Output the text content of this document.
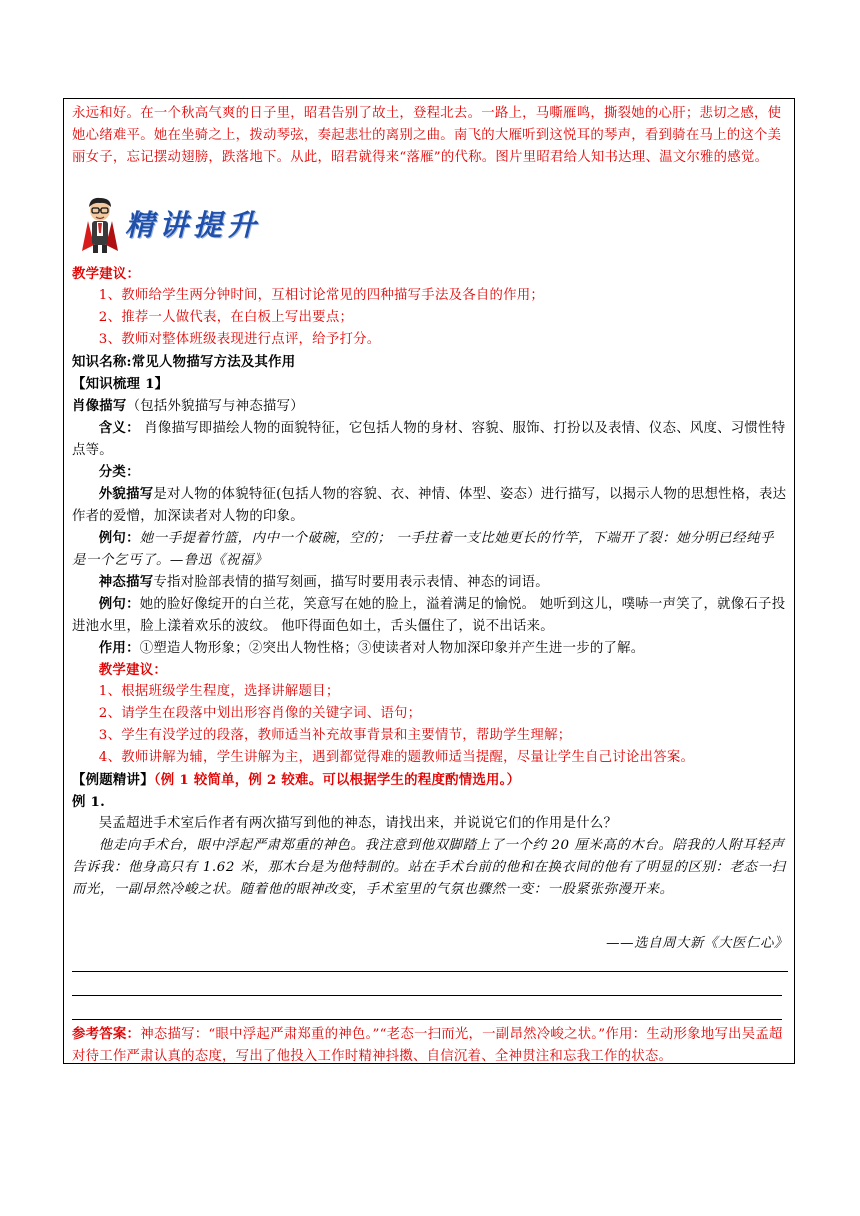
永远和好。在一个秋高气爽的日子里，昭君告别了故土，登程北去。一路上，马嘶雁鸣，撕裂她的心肝；悲切之感，使她心绪难平。她在坐骑之上，拨动琴弦，奏起悲壮的离别之曲。南飞的大雁听到这悦耳的琴声，看到骑在马上的这个美丽女子，忘记摆动翅膀，跌落地下。从此，昭君就得来“落雁”的代称。图片里昭君给人知书达理、温文尔雅的感觉。

精讲提升

教学建议：

1、教师给学生两分钟时间，互相讨论常见的四种描写手法及各自的作用；

2、推荐一人做代表，在白板上写出要点；

3、教师对整体班级表现进行点评，给予打分。

知识名称:常见人物描写方法及其作用

【知识梳理 1】

肖像描写（包括外貌描写与神态描写）

含义： 肖像描写即描绘人物的面貌特征，它包括人物的身材、容貌、服饰、打扮以及表情、仪态、风度、习惯性特点等。

分类：

外貌描写是对人物的体貌特征(包括人物的容貌、衣、神情、体型、姿态）进行描写，以揭示人物的思想性格，表达作者的爱憎，加深读者对人物的印象。

例句：她一手提着竹篮，内中一个破碗，空的； 一手拄着一支比她更长的竹竿，下端开了裂：她分明已经纯乎是一个乞丐了。—鲁迅《祝福》

神态描写专指对脸部表情的描写刻画，描写时要用表示表情、神态的词语。

例句：她的脸好像绽开的白兰花，笑意写在她的脸上，溢着满足的愉悦。 她听到这儿，噗哧一声笑了，就像石子投进池水里，脸上漾着欢乐的波纹。 他吓得面色如土，舌头僵住了，说不出话来。

作用：①塑造人物形象；②突出人物性格；③使读者对人物加深印象并产生进一步的了解。

教学建议：

1、根据班级学生程度，选择讲解题目；

2、请学生在段落中划出形容肖像的关键字词、语句；

3、学生有没学过的段落，教师适当补充故事背景和主要情节，帮助学生理解；

4、教师讲解为辅，学生讲解为主，遇到都觉得难的题教师适当提醒，尽量让学生自己讨论出答案。

【例题精讲】（例 1 较简单，例 2 较难。可以根据学生的程度酌情选用。）

例 1.

吴孟超进手术室后作者有两次描写到他的神态，请找出来，并说说它们的作用是什么？

他走向手术台，眼中浮起严肃郑重的神色。我注意到他双脚踏上了一个约 20 厘米高的木台。陪我的人附耳轻声告诉我：他身高只有 1.62 米，那木台是为他特制的。站在手术台前的他和在换衣间的他有了明显的区别：老态一扫而光，一副昂然冷峻之状。随着他的眼神改变，手术室里的气氛也骤然一变：一股紧张弥漫开来。

——选自周大新《大医仁心》

参考答案：神态描写：“眼中浮起严肃郑重的神色。”“老态一扫而光，一副昂然冷峻之状。”作用：生动形象地写出吴孟超对待工作严肃认真的态度，写出了他投入工作时精神抖擞、自信沉着、全神贯注和忘我工作的状态。
